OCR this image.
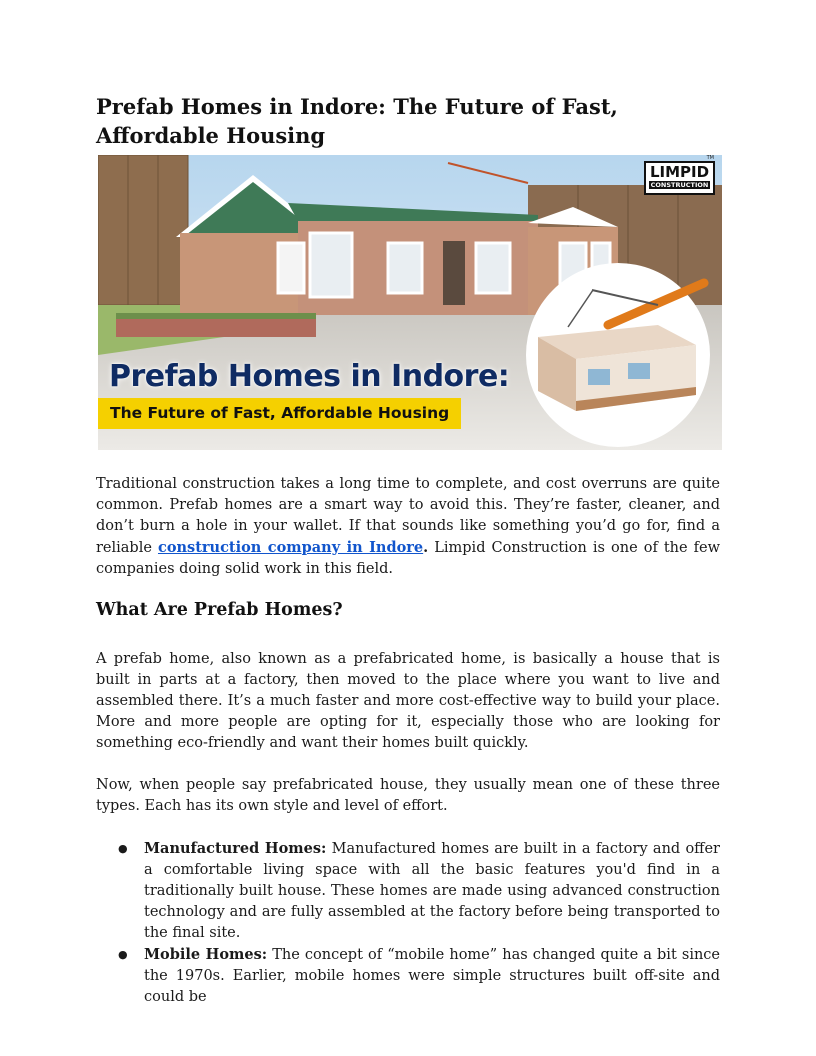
Prefab Homes in Indore: The Future of Fast, Affordable Housing
LIMPID
CONSTRUCTION
TM
Prefab Homes in Indore:
The Future of Fast, Affordable Housing

Traditional construction takes a long time to complete, and cost overruns are quite common. Prefab homes are a smart way to avoid this. They’re faster, cleaner, and don’t burn a hole in your wallet. If that sounds like something you’d go for, find a reliable construction company in Indore. Limpid Construction is one of the few companies doing solid work in this field.

What Are Prefab Homes?

A prefab home, also known as a prefabricated home, is basically a house that is built in parts at a factory, then moved to the place where you want to live and assembled there. It’s a much faster and more cost-effective way to build your place. More and more people are opting for it, especially those who are looking for something eco-friendly and want their homes built quickly.

Now, when people say prefabricated house, they usually mean one of these three types. Each has its own style and level of effort.

● Manufactured Homes: Manufactured homes are built in a factory and offer a comfortable living space with all the basic features you'd find in a traditionally built house. These homes are made using advanced construction technology and are fully assembled at the factory before being transported to the final site.
● Mobile Homes: The concept of “mobile home” has changed quite a bit since the 1970s. Earlier, mobile homes were simple structures built off-site and could be
